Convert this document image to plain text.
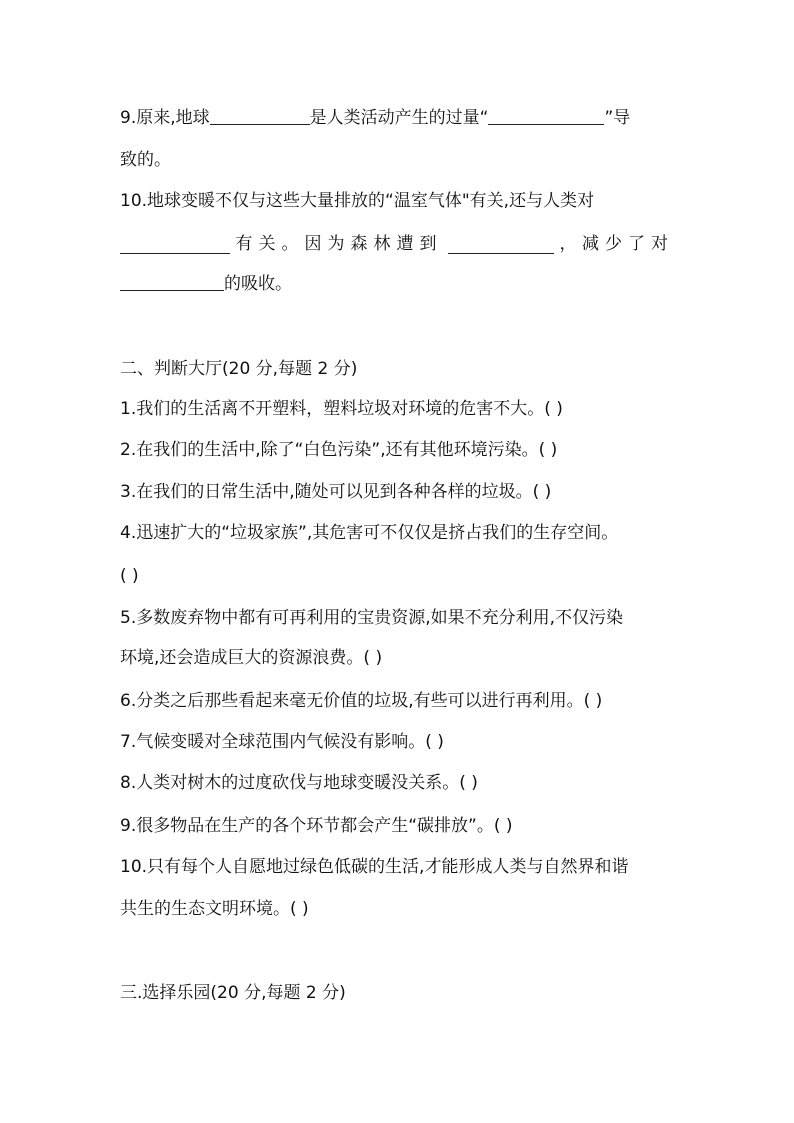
9.原来,地球	是人类活动产生的过量“	”导
致的。
10.地球变暖不仅与这些大量排放的“温室气体"有关,还与人类对
有关。因为森林遭到	， 减少了对
的吸收。
二、判断大厅(20 分,每题 2 分)
1.我们的生活离不开塑料，塑料垃圾对环境的危害不大。( )
2.在我们的生活中,除了“白色污染”,还有其他环境污染。( )
3.在我们的日常生活中,随处可以见到各种各样的垃圾。( )
4.迅速扩大的“垃圾家族”,其危害可不仅仅是挤占我们的生存空间。
( )
5.多数废弃物中都有可再利用的宝贵资源,如果不充分利用,不仅污染
环境,还会造成巨大的资源浪费。( )
6.分类之后那些看起来毫无价值的垃圾,有些可以进行再利用。( )
7.气候变暖对全球范围内气候没有影响。( )
8.人类对树木的过度砍伐与地球变暖没关系。( )
9.很多物品在生产的各个环节都会产生“碳排放”。( )
10.只有每个人自愿地过绿色低碳的生活,才能形成人类与自然界和谐
共生的生态文明环境。( )
三.选择乐园(20 分,每题 2 分)
